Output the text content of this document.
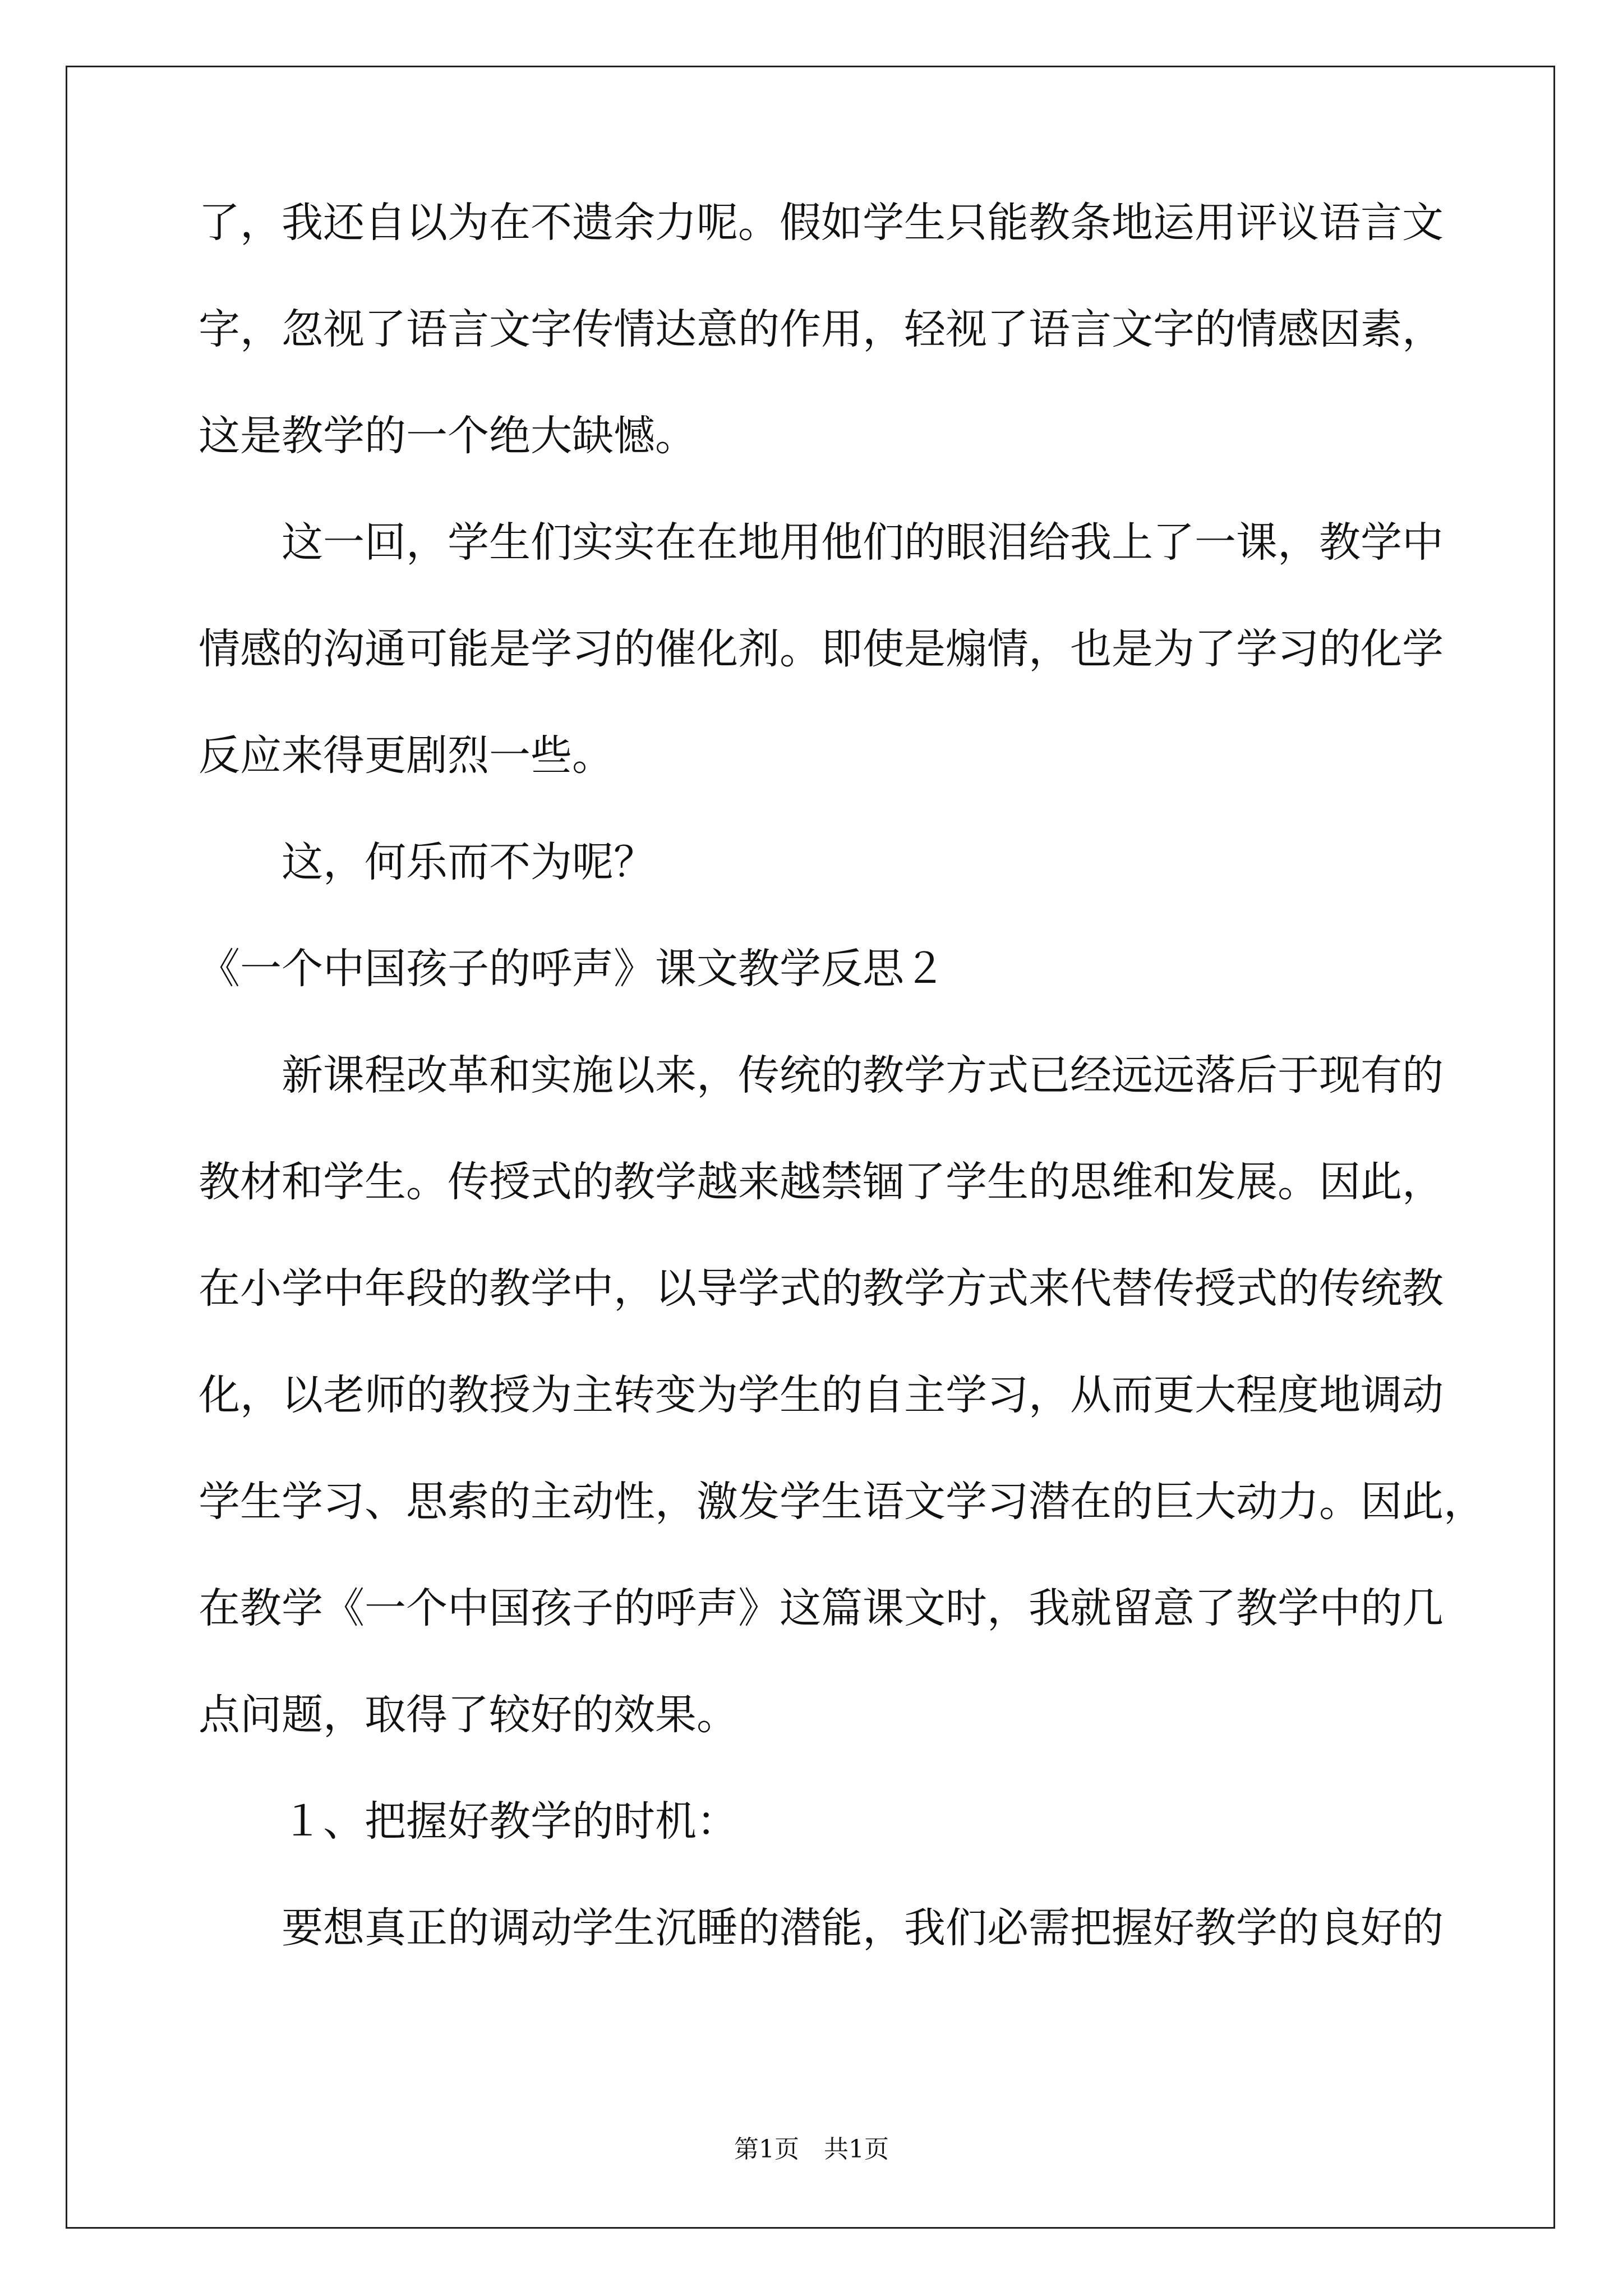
了，我还自以为在不遗余力呢。假如学生只能教条地运用评议语言文
字，忽视了语言文字传情达意的作用，轻视了语言文字的情感因素，
这是教学的一个绝大缺憾。
这一回，学生们实实在在地用他们的眼泪给我上了一课，教学中
情感的沟通可能是学习的催化剂。即使是煽情，也是为了学习的化学
反应来得更剧烈一些。
这，何乐而不为呢？
《一个中国孩子的呼声》课文教学反思２
新课程改革和实施以来，传统的教学方式已经远远落后于现有的
教材和学生。传授式的教学越来越禁锢了学生的思维和发展。因此，
在小学中年段的教学中，以导学式的教学方式来代替传授式的传统教
化，以老师的教授为主转变为学生的自主学习，从而更大程度地调动
学生学习、思索的主动性，激发学生语文学习潜在的巨大动力。因此，
在教学《一个中国孩子的呼声》这篇课文时，我就留意了教学中的几
点问题，取得了较好的效果。
１、把握好教学的时机：
要想真正的调动学生沉睡的潜能，我们必需把握好教学的良好的
第1页　共1页
